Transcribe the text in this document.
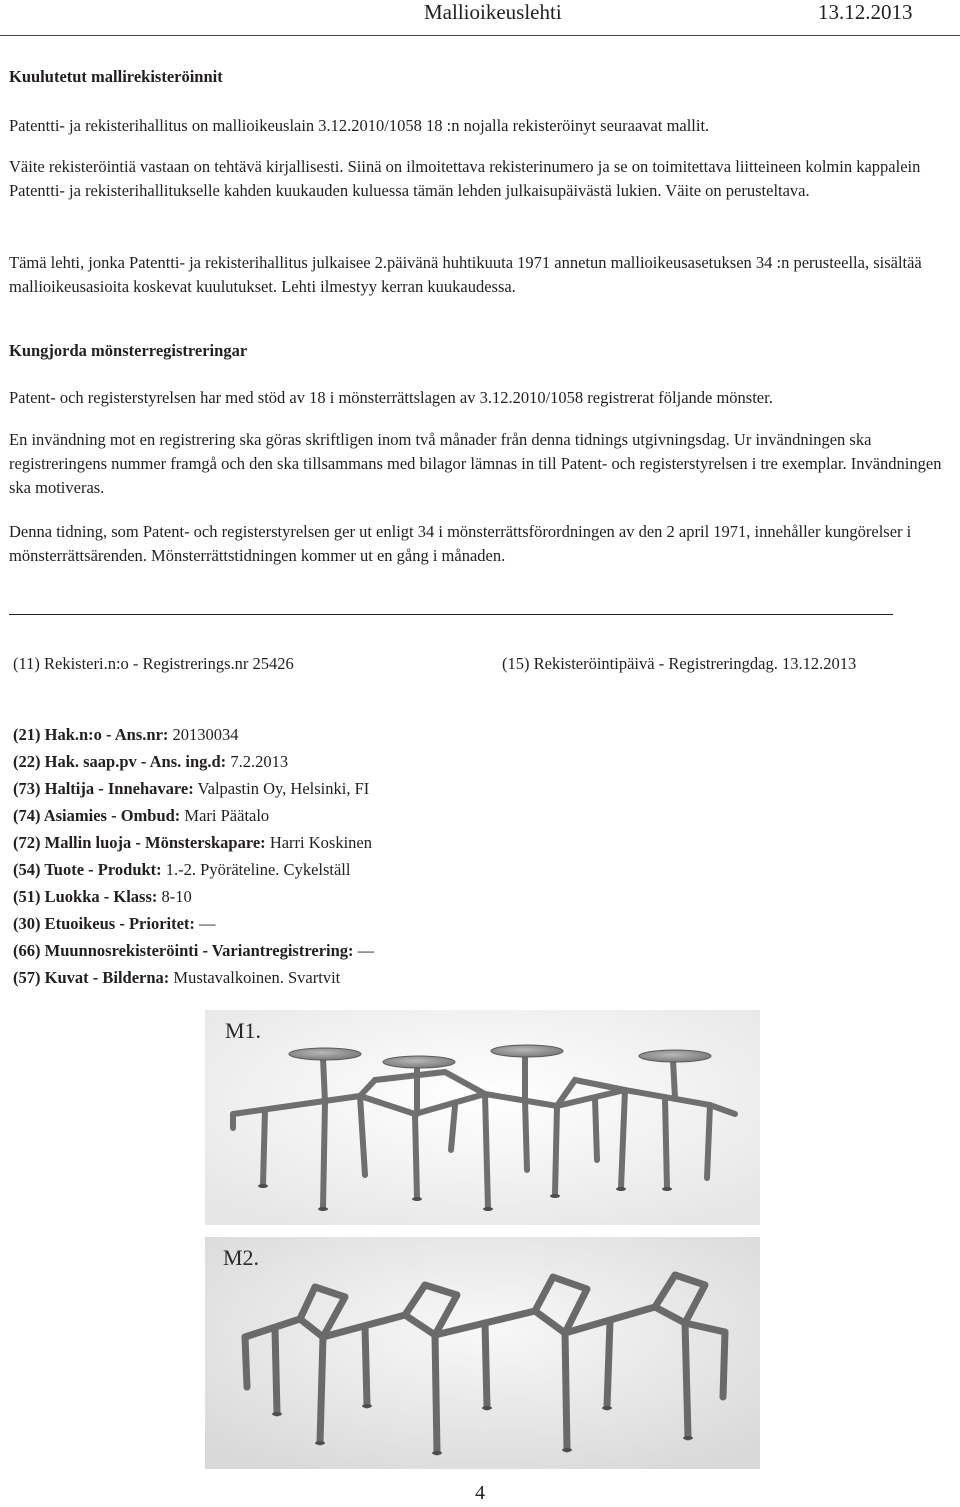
Mallioikeuslehti	13.12.2013
Kuulutetut mallirekisteröinnit

Patentti- ja rekisterihallitus on mallioikeuslain 3.12.2010/1058 18 :n nojalla rekisteröinyt seuraavat mallit.

Väite rekisteröintiä vastaan on tehtävä kirjallisesti. Siinä on ilmoitettava rekisterinumero ja se on toimitettava liitteineen kolmin kappalein Patentti- ja rekisterihallitukselle kahden kuukauden kuluessa tämän lehden julkaisupäivästä lukien. Väite on perusteltava.

Tämä lehti, jonka Patentti- ja rekisterihallitus julkaisee 2.päivänä huhtikuuta 1971 annetun mallioikeusasetuksen 34 :n perusteella, sisältää mallioikeusasioita koskevat kuulutukset. Lehti ilmestyy kerran kuukaudessa.

Kungjorda mönsterregistreringar

Patent- och registerstyrelsen har med stöd av 18 i mönsterrättslagen av 3.12.2010/1058 registrerat följande mönster.

En invändning mot en registrering ska göras skriftligen inom två månader från denna tidnings utgivningsdag. Ur invändningen ska registreringens nummer framgå och den ska tillsammans med bilagor lämnas in till Patent- och registerstyrelsen i tre exemplar. Invändningen ska motiveras.

Denna tidning, som Patent- och registerstyrelsen ger ut enligt 34 i mönsterrättsförordningen av den 2 april 1971, innehåller kungörelser i mönsterrättsärenden. Mönsterrättstidningen kommer ut en gång i månaden.

(11) Rekisteri.n:o - Registrerings.nr 25426	(15) Rekisteröintipäivä - Registreringdag. 13.12.2013
(21) Hak.n:o - Ans.nr: 20130034
(22) Hak. saap.pv - Ans. ing.d: 7.2.2013
(73) Haltija - Innehavare: Valpastin Oy, Helsinki, FI
(74) Asiamies - Ombud: Mari Päätalo
(72) Mallin luoja - Mönsterskapare: Harri Koskinen
(54) Tuote - Produkt: 1.-2. Pyöräteline. Cykelställ
(51) Luokka - Klass: 8-10
(30) Etuoikeus - Prioritet: —
(66) Muunnosrekisteröinti - Variantregistrering: —
(57) Kuvat - Bilderna: Mustavalkoinen. Svartvit
M1.
M2.
4
